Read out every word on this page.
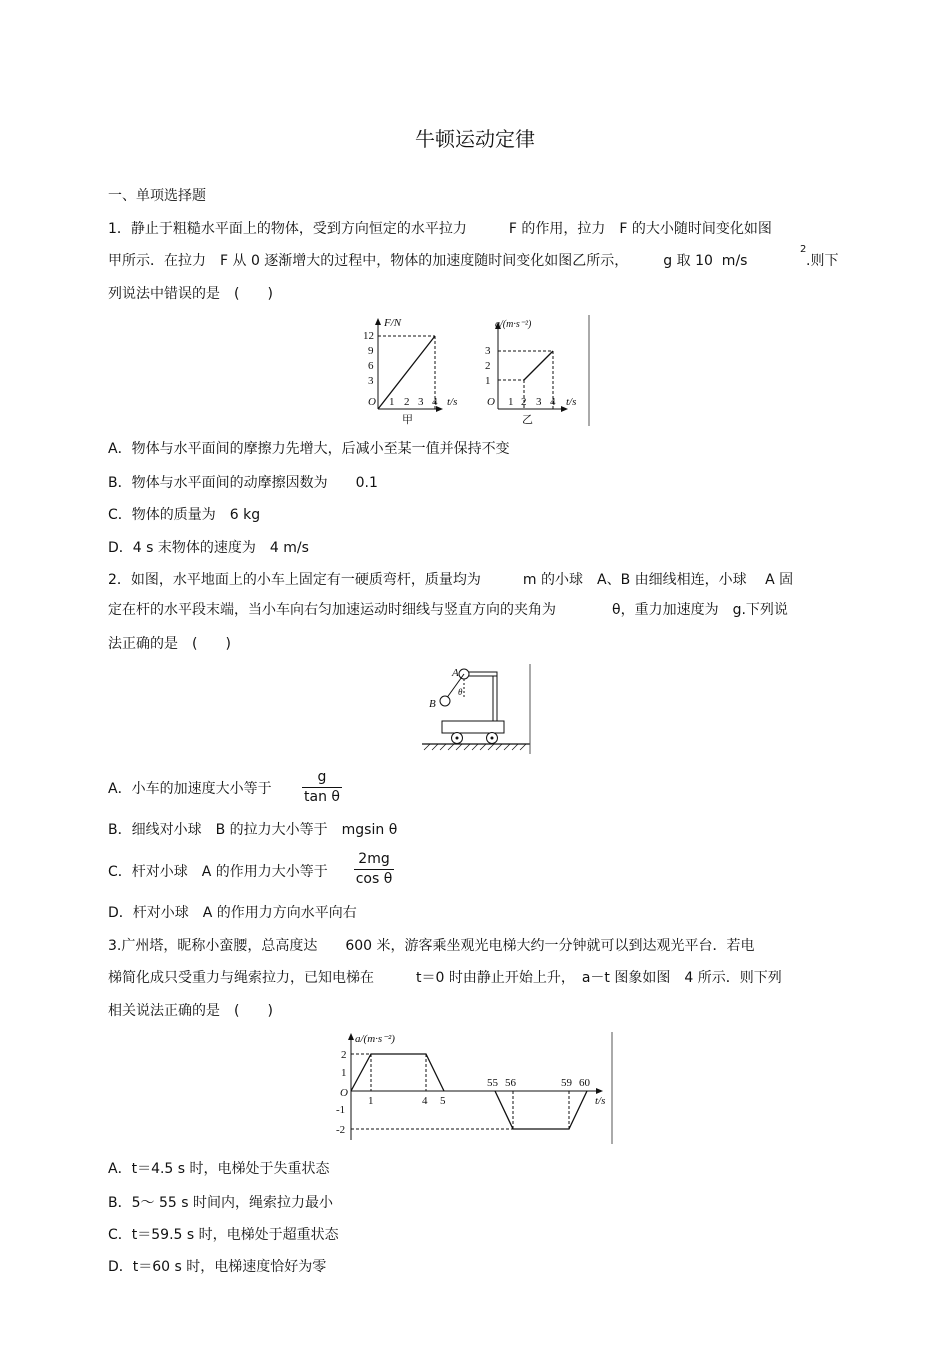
牛顿运动定律
一、单项选择题
1．静止于粗糙水平面上的物体，受到方向恒定的水平拉力　　　F 的作用，拉力　F 的大小随时间变化如图
甲所示．在拉力　F 从 0 逐渐增大的过程中，物体的加速度随时间变化如图乙所示，　　　g 取 10  m/s
2
.则下
列说法中错误的是　(　　)
F/N
12
9
6
3
O 1 2 3 4 t/s
甲
a/(m·s⁻²)
3
2
1
O 1 2 3 4 t/s
乙
A．物体与水平面间的摩擦力先增大，后减小至某一值并保持不变
B．物体与水平面间的动摩擦因数为　　0.1
C．物体的质量为　6 kg
D．4 s 末物体的速度为　4 m/s
2．如图，水平地面上的小车上固定有一硬质弯杆，质量均为　　　m 的小球　A、B 由细线相连，小球　 A 固
定在杆的水平段末端，当小车向右匀加速运动时细线与竖直方向的夹角为　　　　θ，重力加速度为　g.下列说
法正确的是　(　　)
A
B
θ
A．小车的加速度大小等于
g
tan θ
B．细线对小球　B 的拉力大小等于　mgsin θ
C．杆对小球　A 的作用力大小等于
2mg
cos θ
D．杆对小球　A 的作用力方向水平向右
3.广州塔，昵称小蛮腰，总高度达　　600 米，游客乘坐观光电梯大约一分钟就可以到达观光平台．若电
梯简化成只受重力与绳索拉力，已知电梯在　　　t＝0 时由静止开始上升，　a－t 图象如图　4 所示．则下列
相关说法正确的是　(　　)
a/(m·s⁻²)
2
1
-1
-2
O
1	4 5
55 56	59 60
t/s
A．t＝4.5 s 时，电梯处于失重状态
B．5～ 55 s 时间内，绳索拉力最小
C．t＝59.5 s 时，电梯处于超重状态
D．t＝60 s 时，电梯速度恰好为零
